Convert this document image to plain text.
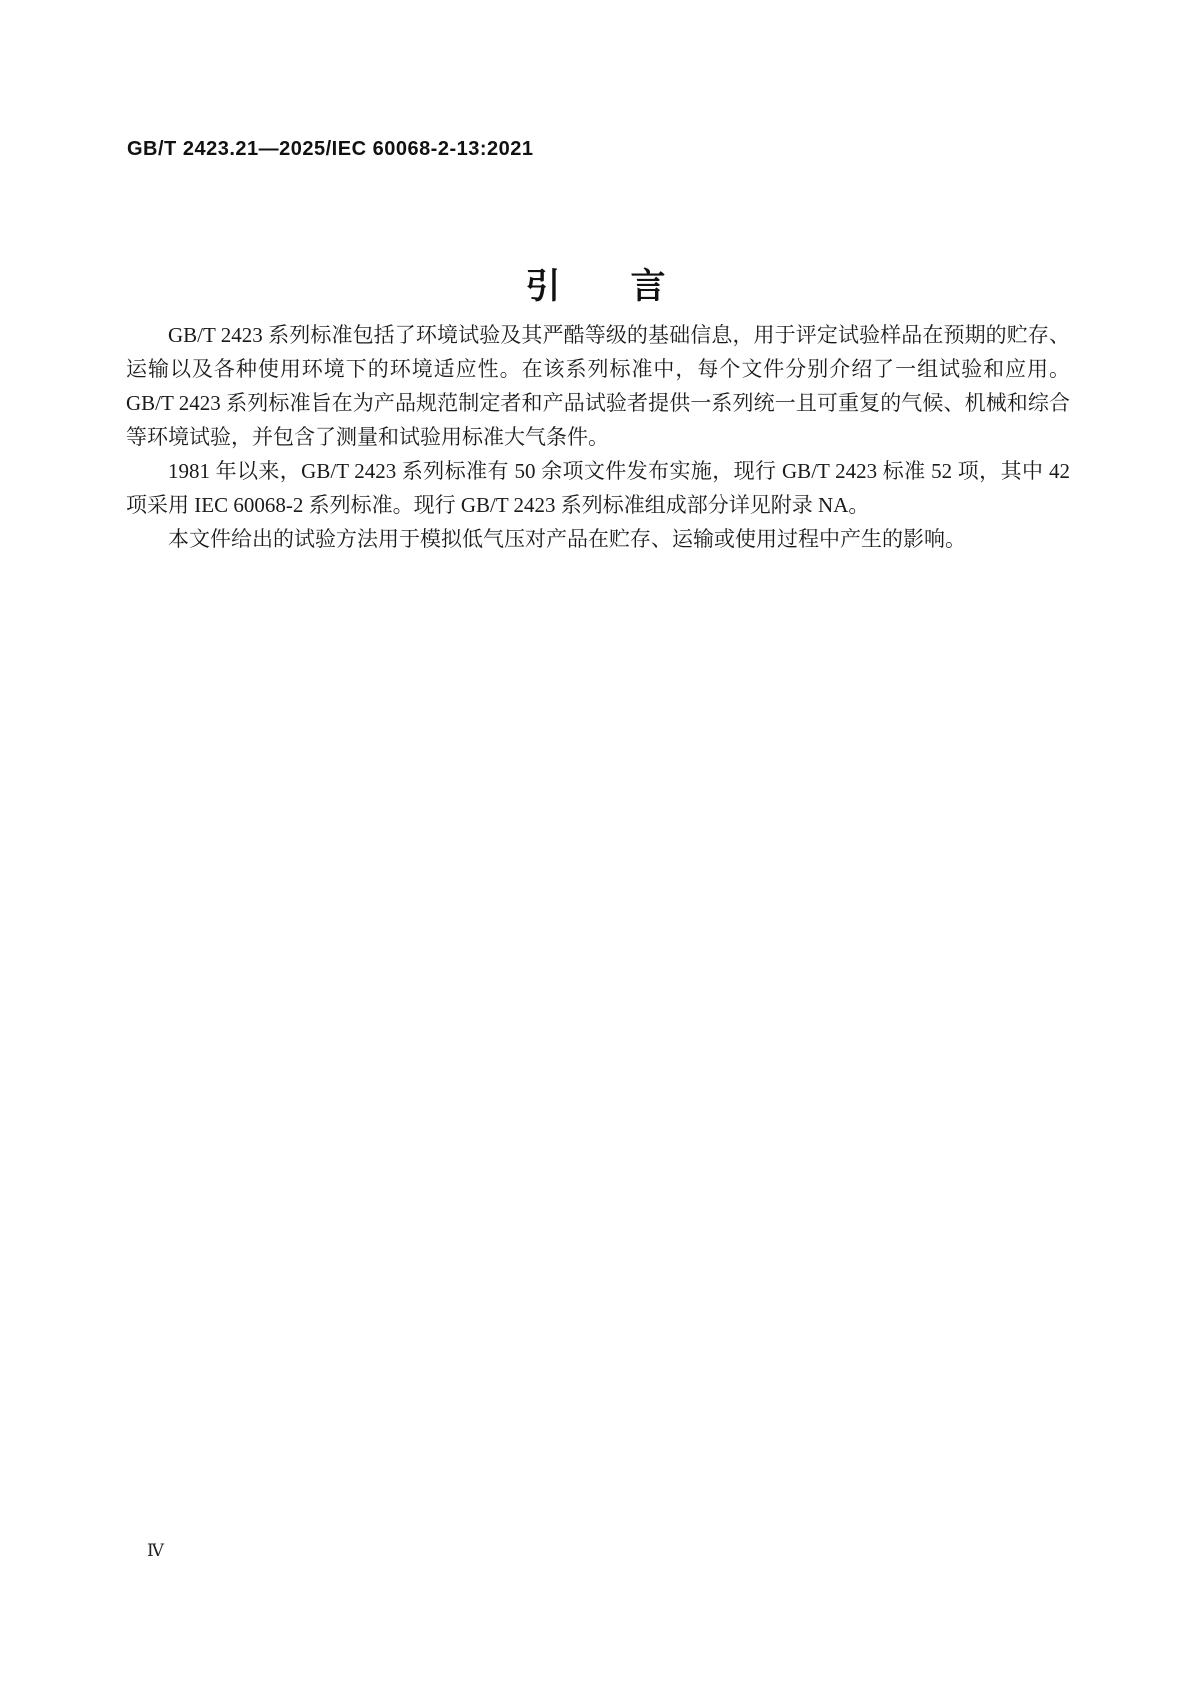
GB/T 2423.21—2025/IEC 60068-2-13:2021
引　　言

GB/T 2423 系列标准包括了环境试验及其严酷等级的基础信息，用于评定试验样品在预期的贮存、运输以及各种使用环境下的环境适应性。在该系列标准中，每个文件分别介绍了一组试验和应用。GB/T 2423 系列标准旨在为产品规范制定者和产品试验者提供一系列统一且可重复的气候、机械和综合等环境试验，并包含了测量和试验用标准大气条件。

1981 年以来，GB/T 2423 系列标准有 50 余项文件发布实施，现行 GB/T 2423 标准 52 项，其中 42 项采用 IEC 60068-2 系列标准。现行 GB/T 2423 系列标准组成部分详见附录 NA。

本文件给出的试验方法用于模拟低气压对产品在贮存、运输或使用过程中产生的影响。

Ⅳ
